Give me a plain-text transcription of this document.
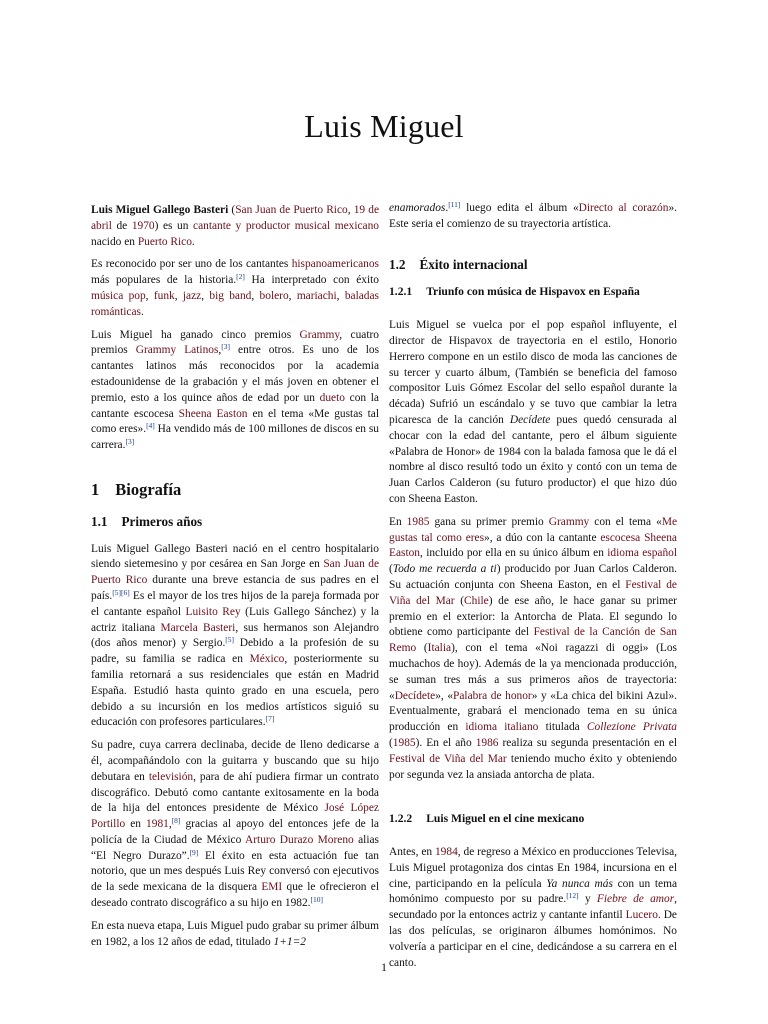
Luis Miguel

Luis Miguel Gallego Basteri (San Juan de Puerto Rico, 19 de abril de 1970) es un cantante y productor musical mexicano nacido en Puerto Rico.

Es reconocido por ser uno de los cantantes hispanoamericanos más populares de la historia.[2] Ha interpretado con éxito música pop, funk, jazz, big band, bolero, mariachi, baladas románticas.

Luis Miguel ha ganado cinco premios Grammy, cuatro premios Grammy Latinos,[3] entre otros. Es uno de los cantantes latinos más reconocidos por la academia estadounidense de la grabación y el más joven en obtener el premio, esto a los quince años de edad por un dueto con la cantante escocesa Sheena Easton en el tema «Me gustas tal como eres».[4] Ha vendido más de 100 millones de discos en su carrera.[3]

1 Biografía
1.1 Primeros años

Luis Miguel Gallego Basteri nació en el centro hospitalario siendo sietemesino y por cesárea en San Jorge en San Juan de Puerto Rico durante una breve estancia de sus padres en el país.[5][6] Es el mayor de los tres hijos de la pareja formada por el cantante español Luisito Rey (Luis Gallego Sánchez) y la actriz italiana Marcela Basteri, sus hermanos son Alejandro (dos años menor) y Sergio.[5] Debido a la profesión de su padre, su familia se radica en México, posteriormente su familia retornará a sus residenciales que están en Madrid España. Estudió hasta quinto grado en una escuela, pero debido a su incursión en los medios artísticos siguió su educación con profesores particulares.[7]

Su padre, cuya carrera declinaba, decide de lleno dedicarse a él, acompañándolo con la guitarra y buscando que su hijo debutara en televisión, para de ahí pudiera firmar un contrato discográfico. Debutó como cantante exitosamente en la boda de la hija del entonces presidente de México José López Portillo en 1981,[8] gracias al apoyo del entonces jefe de la policía de la Ciudad de México Arturo Durazo Moreno alias “El Negro Durazo”.[9] El éxito en esta actuación fue tan notorio, que un mes después Luis Rey conversó con ejecutivos de la sede mexicana de la disquera EMI que le ofrecieron el deseado contrato discográfico a su hijo en 1982.[10]

En esta nueva etapa, Luis Miguel pudo grabar su primer álbum en 1982, a los 12 años de edad, titulado 1+1=2

enamorados.[11] luego edita el álbum «Directo al corazón». Este seria el comienzo de su trayectoria artística.

1.2 Éxito internacional
1.2.1 Triunfo con música de Hispavox en España

Luis Miguel se vuelca por el pop español influyente, el director de Hispavox de trayectoria en el estilo, Honorio Herrero compone en un estilo disco de moda las canciones de su tercer y cuarto álbum, (También se beneficia del famoso compositor Luis Gómez Escolar del sello español durante la década) Sufrió un escándalo y se tuvo que cambiar la letra picaresca de la canción Decídete pues quedó censurada al chocar con la edad del cantante, pero el álbum siguiente «Palabra de Honor» de 1984 con la balada famosa que le dá el nombre al disco resultó todo un éxito y contó con un tema de Juan Carlos Calderon (su futuro productor) el que hizo dúo con Sheena Easton.

En 1985 gana su primer premio Grammy con el tema «Me gustas tal como eres», a dúo con la cantante escocesa Sheena Easton, incluido por ella en su único álbum en idioma español (Todo me recuerda a ti) producido por Juan Carlos Calderon. Su actuación conjunta con Sheena Easton, en el Festival de Viña del Mar (Chile) de ese año, le hace ganar su primer premio en el exterior: la Antorcha de Plata. El segundo lo obtiene como participante del Festival de la Canción de San Remo (Italia), con el tema «Noi ragazzi di oggi» (Los muchachos de hoy). Además de la ya mencionada producción, se suman tres más a sus primeros años de trayectoria: «Decídete», «Palabra de honor» y «La chica del bikini Azul». Eventualmente, grabará el mencionado tema en su única producción en idioma italiano titulada Collezione Privata (1985). En el año 1986 realiza su segunda presentación en el Festival de Viña del Mar teniendo mucho éxito y obteniendo por segunda vez la ansiada antorcha de plata.

1.2.2 Luis Miguel en el cine mexicano

Antes, en 1984, de regreso a México en producciones Televisa, Luis Miguel protagoniza dos cintas En 1984, incursiona en el cine, participando en la película Ya nunca más con un tema homónimo compuesto por su padre.[12] y Fiebre de amor, secundado por la entonces actriz y cantante infantil Lucero. De las dos películas, se originaron álbumes homónimos. No volvería a participar en el cine, dedicándose a su carrera en el canto.

1
